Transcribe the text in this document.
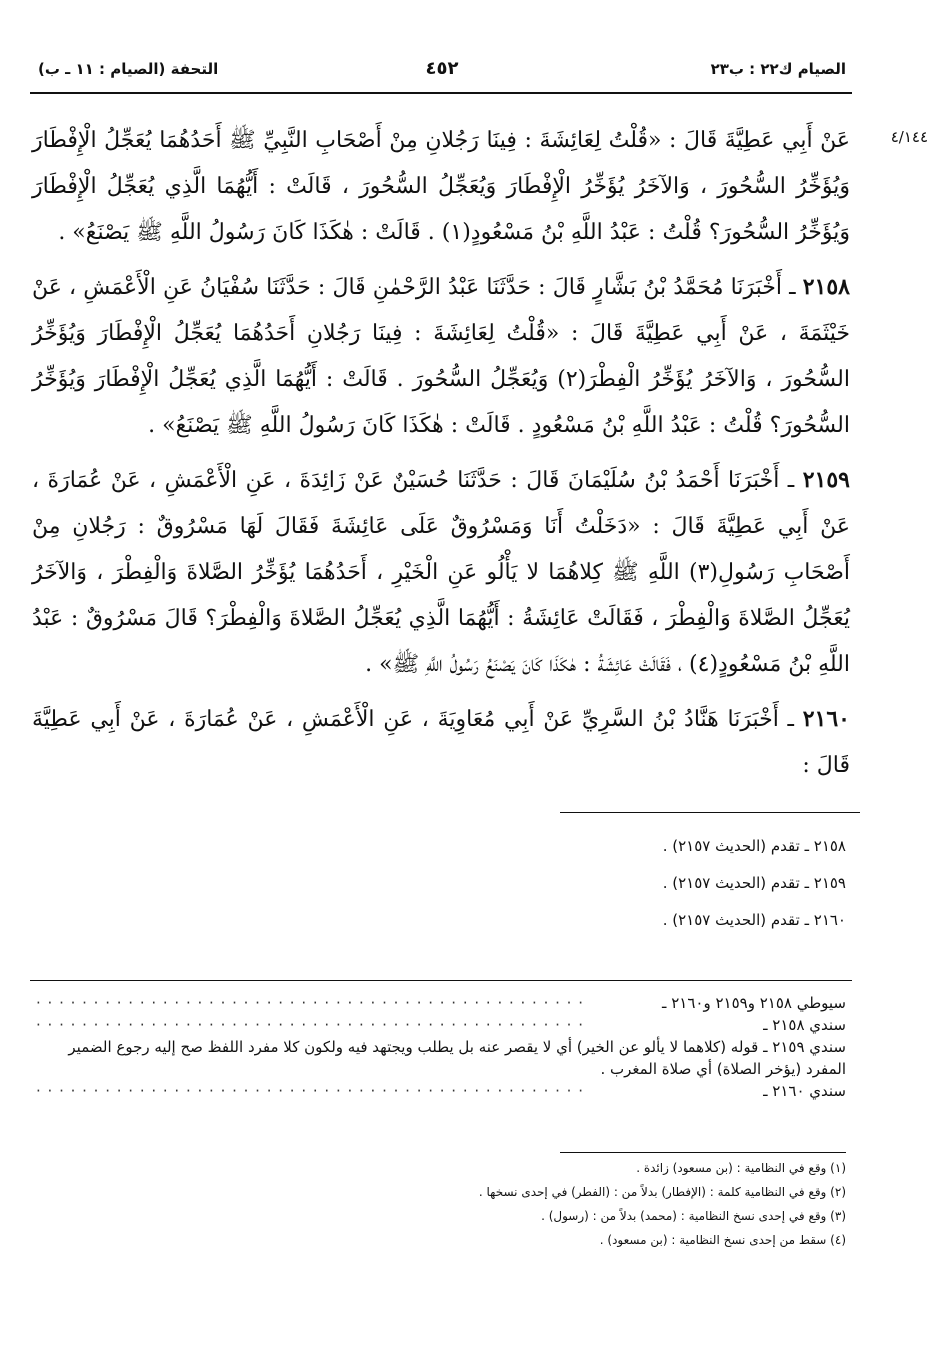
الصيام ك٢٢ : ب٢٣
٤٥٢
التحفة (الصيام : ١١ ـ ب)
٤/١٤٤

عَنْ أَبِي عَطِيَّةَ قَالَ : «قُلْتُ لِعَائِشَةَ : فِينَا رَجُلانِ مِنْ أَصْحَابِ النَّبِيِّ ﷺ أَحَدُهُمَا يُعَجِّلُ الْإِفْطَارَ وَيُؤَخِّرُ السُّحُورَ ، وَالآخَرُ يُؤَخِّرُ الْإِفْطَارَ وَيُعَجِّلُ السُّحُورَ ، قَالَتْ : أَيُّهُمَا الَّذِي يُعَجِّلُ الْإِفْطَارَ وَيُؤَخِّرُ السُّحُورَ؟ قُلْتُ : عَبْدُ اللَّهِ بْنُ مَسْعُودٍ(١) . قَالَتْ : هٰكَذَا كَانَ رَسُولُ اللَّهِ ﷺ يَصْنَعُ» .

٢١٥٨ ـ أَخْبَرَنَا مُحَمَّدُ بْنُ بَشَّارٍ قَالَ : حَدَّثَنَا عَبْدُ الرَّحْمٰنِ قَالَ : حَدَّثَنَا سُفْيَانُ عَنِ الْأَعْمَشِ ، عَنْ خَيْثَمَةَ ، عَنْ أَبِي عَطِيَّةَ قَالَ : «قُلْتُ لِعَائِشَةَ : فِينَا رَجُلانِ أَحَدُهُمَا يُعَجِّلُ الْإِفْطَارَ وَيُؤَخِّرُ السُّحُورَ ، وَالآخَرُ يُؤَخِّرُ الْفِطْرَ(٢) وَيُعَجِّلُ السُّحُورَ . قَالَتْ : أَيُّهُمَا الَّذِي يُعَجِّلُ الْإِفْطَارَ وَيُؤَخِّرُ السُّحُورَ؟ قُلْتُ : عَبْدُ اللَّهِ بْنُ مَسْعُودٍ . قَالَتْ : هٰكَذَا كَانَ رَسُولُ اللَّهِ ﷺ يَصْنَعُ» .

٢١٥٩ ـ أَخْبَرَنَا أَحْمَدُ بْنُ سُلَيْمَانَ قَالَ : حَدَّثَنَا حُسَيْنٌ عَنْ زَائِدَةَ ، عَنِ الْأَعْمَشِ ، عَنْ عُمَارَةَ ، عَنْ أَبِي عَطِيَّةَ قَالَ : «دَخَلْتُ أَنَا وَمَسْرُوقٌ عَلَى عَائِشَةَ فَقَالَ لَهَا مَسْرُوقٌ : رَجُلانِ مِنْ أَصْحَابِ رَسُولِ(٣) اللَّهِ ﷺ كِلاهُمَا لا يَأْلُو عَنِ الْخَيْرِ ، أَحَدُهُمَا يُؤَخِّرُ الصَّلاةَ وَالْفِطْرَ ، وَالآخَرُ يُعَجِّلُ الصَّلاةَ وَالْفِطْرَ ، فَقَالَتْ عَائِشَةُ : أَيُّهُمَا الَّذِي يُعَجِّلُ الصَّلاةَ وَالْفِطْرَ؟ قَالَ مَسْرُوقٌ : عَبْدُ اللَّهِ بْنُ مَسْعُودٍ(٤) ، فَقَالَتْ عَائِشَةُ : هٰكَذَا كَانَ يَصْنَعُ رَسُولُ اللَّهِ ﷺ» .

٢١٦٠ ـ أَخْبَرَنَا هَنَّادُ بْنُ السَّرِيِّ عَنْ أَبِي مُعَاوِيَةَ ، عَنِ الْأَعْمَشِ ، عَنْ عُمَارَةَ ، عَنْ أَبِي عَطِيَّةَ قَالَ :

٢١٥٨ ـ تقدم (الحديث ٢١٥٧) .
٢١٥٩ ـ تقدم (الحديث ٢١٥٧) .
٢١٦٠ ـ تقدم (الحديث ٢١٥٧) .
سيوطي ٢١٥٨ و٢١٥٩ و٢١٦٠ ـ
· · · · · · · · · · · · · · · · · · · · · · · · · · · · · · · · · · · · · · · · · · · · · · · ·
سندي ٢١٥٨ ـ
· · · · · · · · · · · · · · · · · · · · · · · · · · · · · · · · · · · · · · · · · · · · · · · ·
سندي ٢١٥٩ ـ قوله (كلاهما لا يألو عن الخير) أي لا يقصر عنه بل يطلب ويجتهد فيه ولكون كلا مفرد اللفظ صح إليه رجوع الضمير المفرد (يؤخر الصلاة) أي صلاة المغرب .
سندي ٢١٦٠ ـ
· · · · · · · · · · · · · · · · · · · · · · · · · · · · · · · · · · · · · · · · · · · · · · · ·
(١) وقع في النظامية : (بن مسعود) زائدة .
(٢) وقع في النظامية كلمة : (الإفطار) بدلاً من : (الفطر) في إحدى نسخها .
(٣) وقع في إحدى نسخ النظامية : (محمد) بدلاً من : (رسول) .
(٤) سقط من إحدى نسخ النظامية : (بن مسعود) .
